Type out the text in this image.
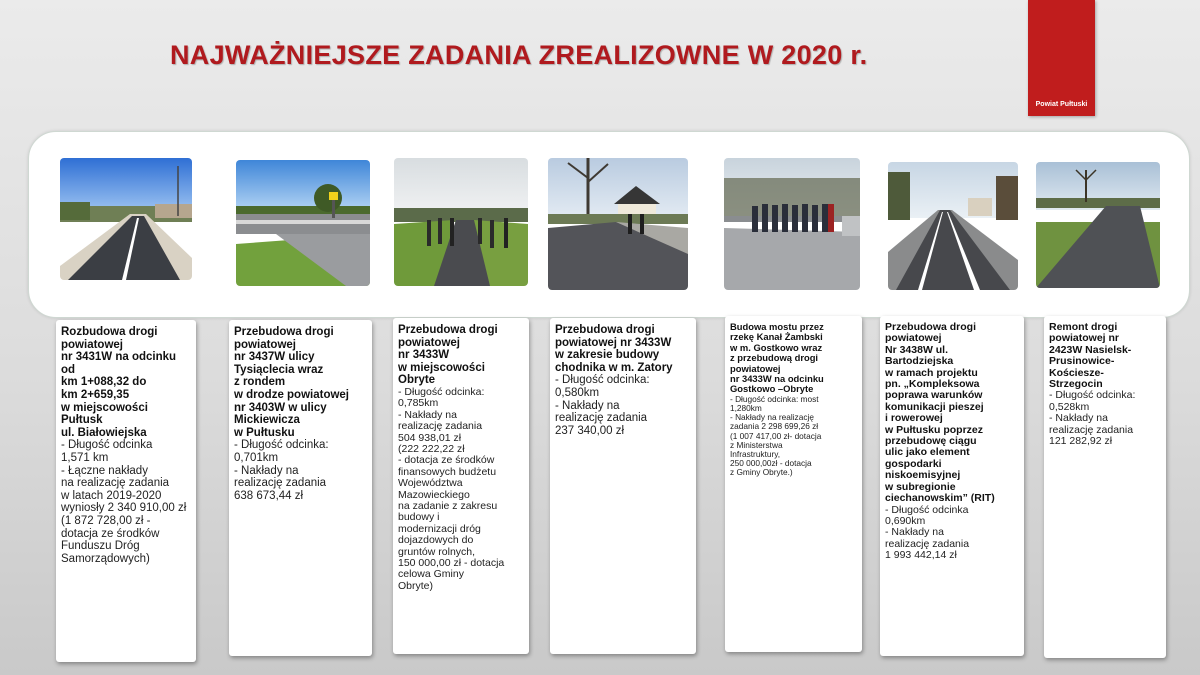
NAJWAŻNIEJSZE ZADANIA ZREALIZOWNE W 2020 r.
Powiat Pułtuski
Rozbudowa drogi
powiatowej
nr 3431W na odcinku
od
km 1+088,32 do
km 2+659,35
w miejscowości
Pułtusk
ul. Białowiejska
- Długość odcinka
1,571 km
- Łączne nakłady
na realizację zadania
w latach 2019-2020
wyniosły 2 340 910,00 zł
(1 872 728,00 zł -
dotacja ze środków
Funduszu Dróg
Samorządowych)
Przebudowa drogi
powiatowej
nr 3437W ulicy
Tysiąclecia wraz
z rondem
w drodze powiatowej
nr 3403W w ulicy
Mickiewicza
w Pułtusku
- Długość odcinka:
0,701km
- Nakłady na
realizację zadania
638 673,44 zł
Przebudowa drogi
powiatowej
nr 3433W
w miejscowości
Obryte
- Długość odcinka:
0,785km
- Nakłady na
realizację zadania
504 938,01 zł
(222 222,22 zł
- dotacja ze środków
finansowych budżetu
Województwa
Mazowieckiego
na zadanie z zakresu
budowy i
modernizacji dróg
dojazdowych do
gruntów rolnych,
150 000,00 zł - dotacja
celowa Gminy
Obryte)
Przebudowa drogi
powiatowej nr 3433W
w zakresie budowy
chodnika w m. Zatory
- Długość odcinka:
0,580km
- Nakłady na
realizację zadania
237 340,00 zł
Budowa mostu przez
rzekę Kanał Żambski
w m. Gostkowo wraz
z przebudową drogi
powiatowej
nr 3433W na odcinku
Gostkowo –Obryte
- Długość odcinka: most
1,280km
- Nakłady na realizację
zadania 2 298 699,26 zł
(1 007 417,00 zł- dotacja
z Ministerstwa
Infrastruktury,
250 000,00zł - dotacja
z Gminy Obryte.)
Przebudowa drogi
powiatowej
Nr 3438W ul.
Bartodziejska
w ramach projektu
pn. „Kompleksowa
poprawa warunków
komunikacji pieszej
i rowerowej
w Pułtusku poprzez
przebudowę ciągu
ulic jako element
gospodarki
niskoemisyjnej
w subregionie
ciechanowskim” (RIT)
- Długość odcinka
0,690km
- Nakłady na
realizację zadania
1 993 442,14 zł
Remont drogi
powiatowej nr
2423W Nasielsk-
Prusinowice-
Kościesze-
Strzegocin
- Długość odcinka:
0,528km
- Nakłady na
realizację zadania
121 282,92 zł
